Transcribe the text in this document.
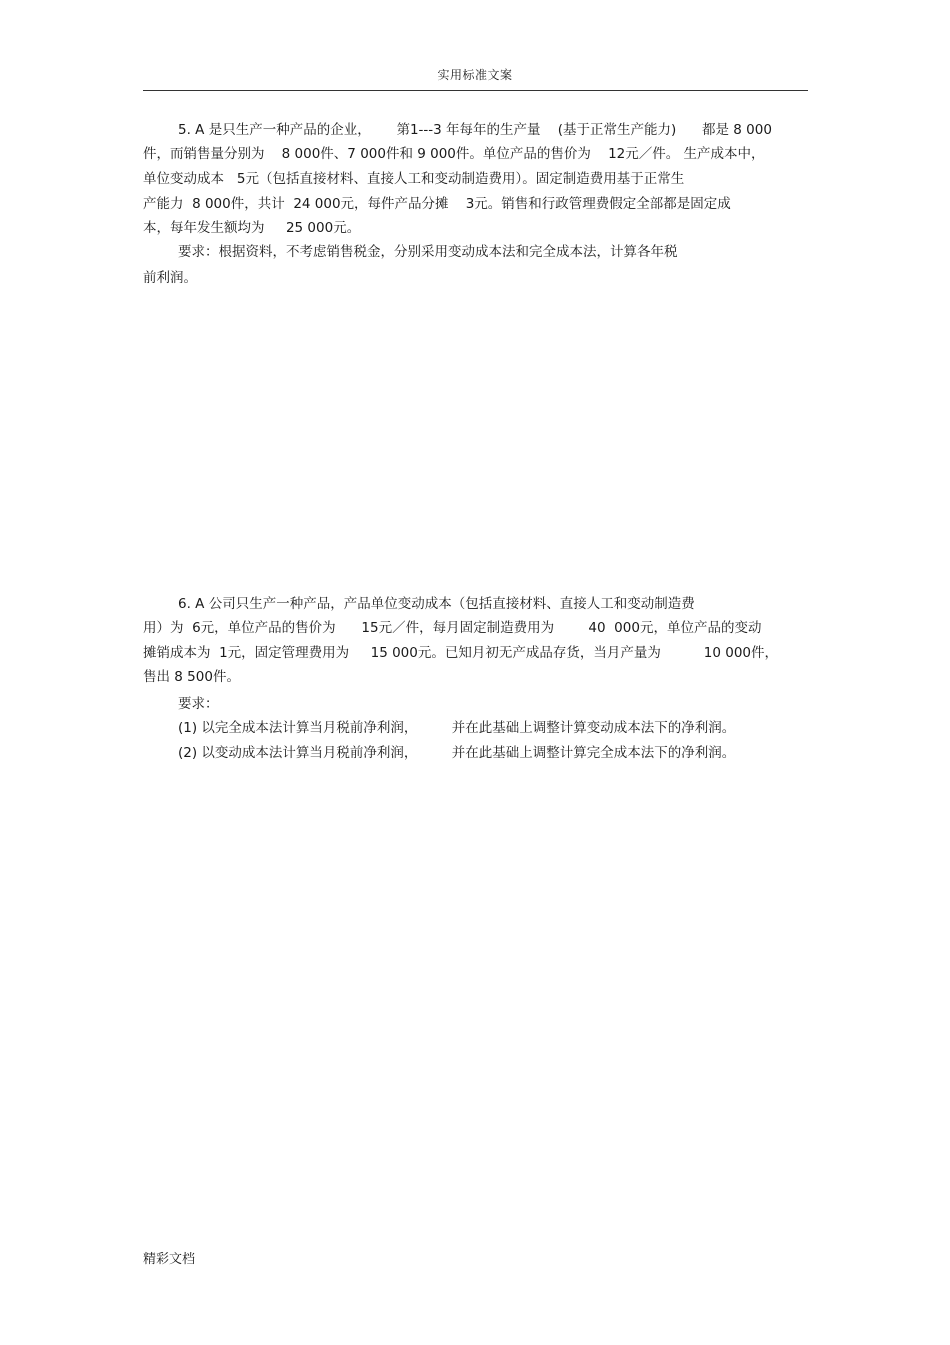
实用标准文案
5. A 是只生产一种产品的企业，      第1---3 年每年的生产量    (基于正常生产能力)      都是 8 000
件，而销售量分别为    8 000件、7 000件和 9 000件。单位产品的售价为    12元／件。 生产成本中，
单位变动成本   5元（包括直接材料、直接人工和变动制造费用）。固定制造费用基于正常生
产能力  8 000件，共计  24 000元，每件产品分摊    3元。销售和行政管理费假定全部都是固定成
本，每年发生额均为     25 000元。
要求：根据资料，不考虑销售税金，分别采用变动成本法和完全成本法，计算各年税
前利润。
6. A 公司只生产一种产品，产品单位变动成本（包括直接材料、直接人工和变动制造费
用）为  6元，单位产品的售价为      15元／件，每月固定制造费用为        40  000元，单位产品的变动
摊销成本为  1元，固定管理费用为     15 000元。已知月初无产成品存货，当月产量为          10 000件，
售出 8 500件。
要求：
(1) 以完全成本法计算当月税前净利润，        并在此基础上调整计算变动成本法下的净利润。
(2) 以变动成本法计算当月税前净利润，        并在此基础上调整计算完全成本法下的净利润。
精彩文档
